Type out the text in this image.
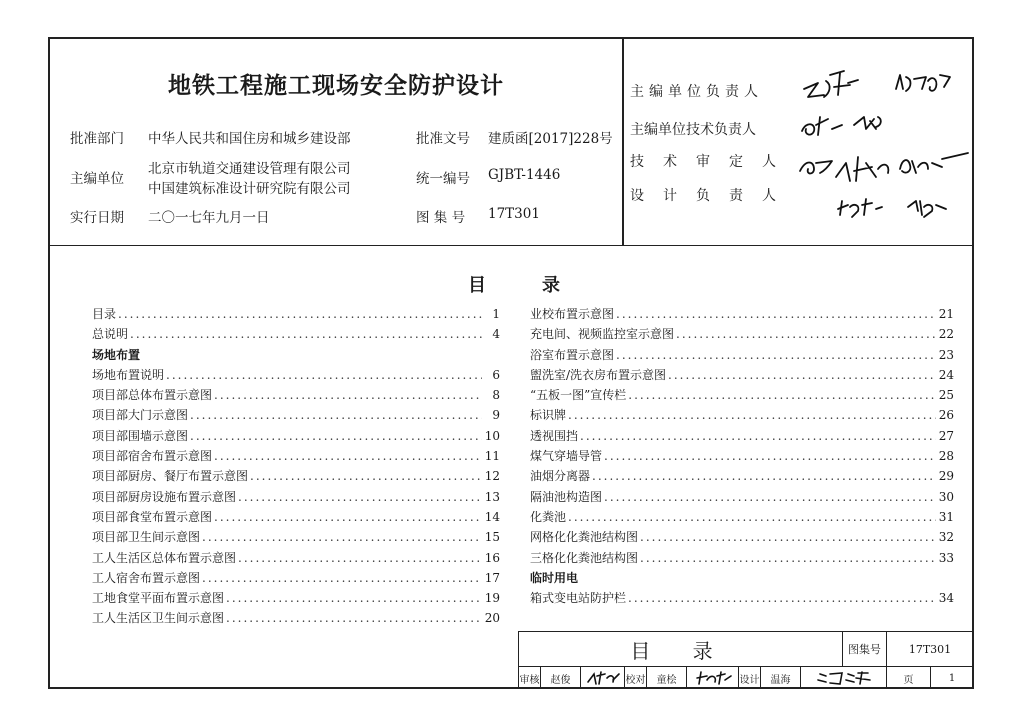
地铁工程施工现场安全防护设计
批准部门 中华人民共和国住房和城乡建设部	批准文号 建质函[2017]228号
主编单位
北京市轨道交通建设管理有限公司
中国建筑标准设计研究院有限公司
统一编号 GJBT-1446
实行日期 二〇一七年九月一日	图 集 号 17T301
主编单位负责人
主编单位技术负责人
技术审定人
设计负责人
目录
目录 .....	1
总说明 .....	4
场地布置
场地布置说明 .....	6
项目部总体布置示意图 .....	8
项目部大门示意图 .....	9
项目部围墙示意图 .....	10
项目部宿舍布置示意图 .....	11
项目部厨房、餐厅布置示意图 .....	12
项目部厨房设施布置示意图 .....	13
项目部食堂布置示意图 .....	14
项目部卫生间示意图 .....	15
工人生活区总体布置示意图 .....	16
工人宿舍布置示意图 .....	17
工地食堂平面布置示意图 .....	19
工人生活区卫生间示意图 .....	20
业校布置示意图 .....	21
充电间、视频监控室示意图 .....	22
浴室布置示意图 .....	23
盥洗室/洗衣房布置示意图 .....	24
“五板一图”宣传栏 .....	25
标识牌 .....	26
透视围挡 .....	27
煤气穿墙导管 .....	28
油烟分离器 .....	29
隔油池构造图 .....	30
化粪池 .....	31
网格化化粪池结构图 .....	32
三格化化粪池结构图 .....	33
临时用电
箱式变电站防护栏 .....	34
目 录	图集号	17T301
审核	赵俊	校对	童桧	设计	温海	页	1
